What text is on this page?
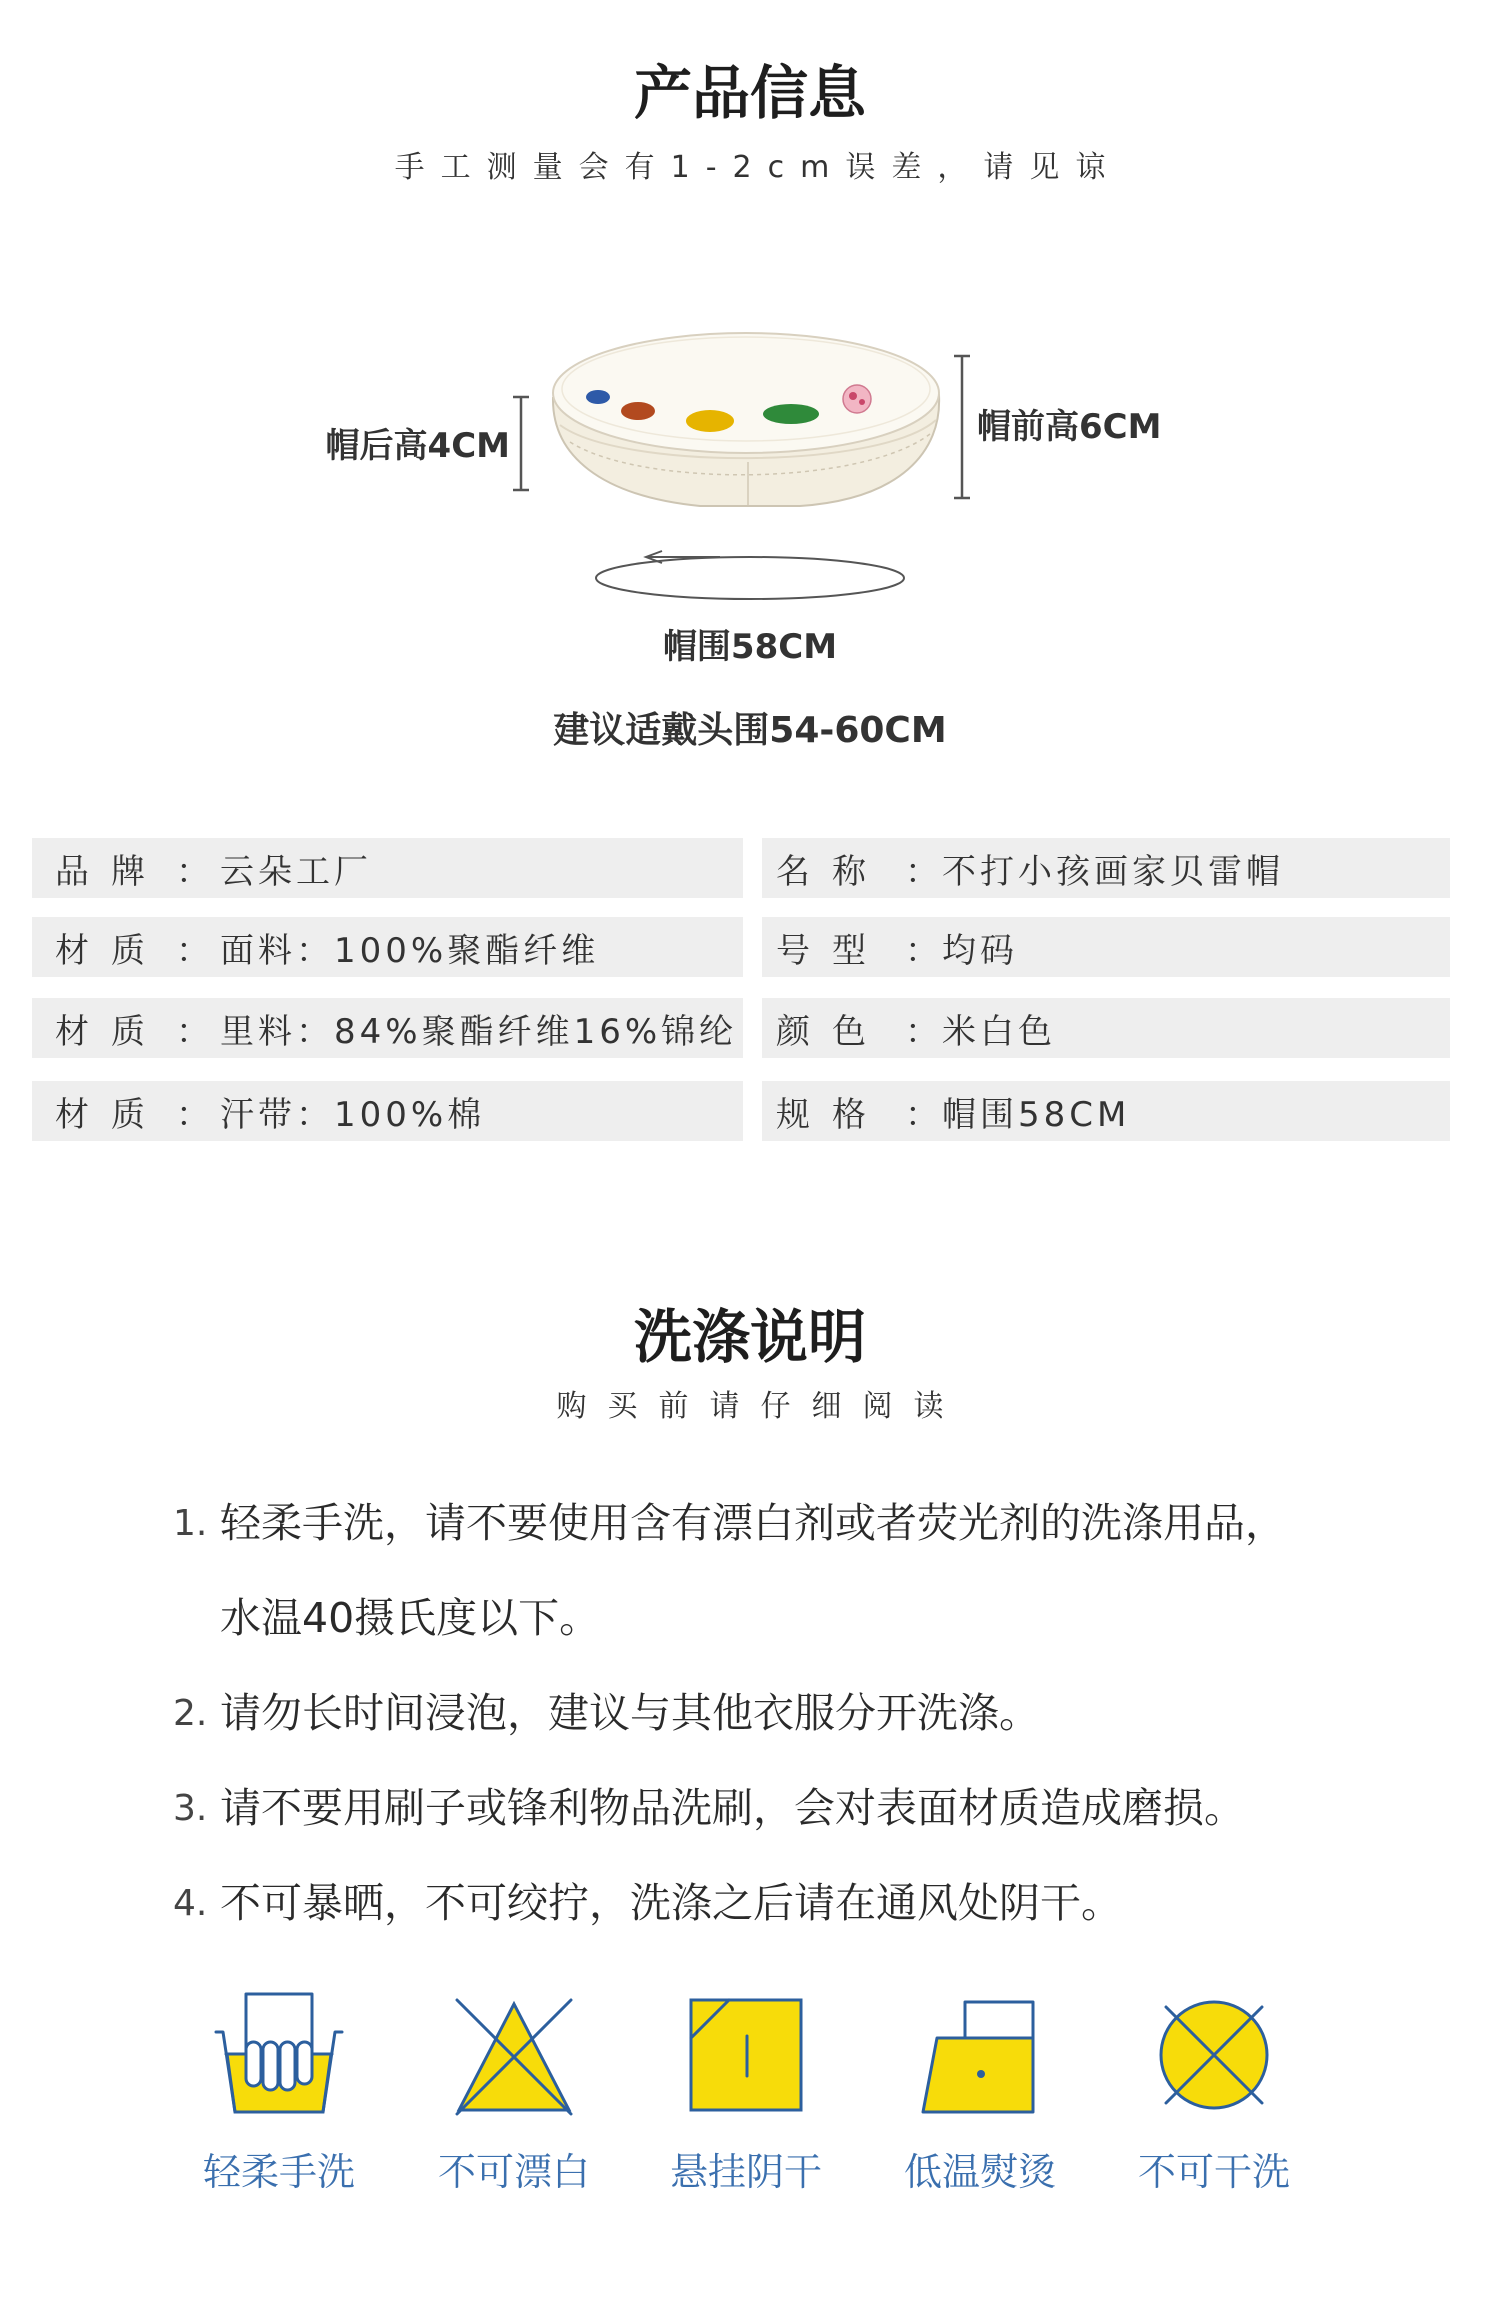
产品信息
手工测量会有1-2cm误差，请见谅
帽后高4CM	帽前高6CM
帽围58CM
建议适戴头围54-60CM
品牌 ： 云朵工厂	名称 ： 不打小孩画家贝雷帽
材质 ： 面料：100%聚酯纤维	号型 ： 均码
材质 ： 里料：84%聚酯纤维16%锦纶 颜色 ： 米白色
材质 ： 汗带：100%棉	规格 ： 帽围58CM
洗涤说明
购买前请仔细阅读
1. 轻柔手洗，请不要使用含有漂白剂或者荧光剂的洗涤用品，
水温40摄氏度以下。
2. 请勿长时间浸泡，建议与其他衣服分开洗涤。
3. 请不要用刷子或锋利物品洗刷，会对表面材质造成磨损。
4. 不可暴晒，不可绞拧，洗涤之后请在通风处阴干。
轻柔手洗	不可漂白	悬挂阴干	低温熨烫	不可干洗
